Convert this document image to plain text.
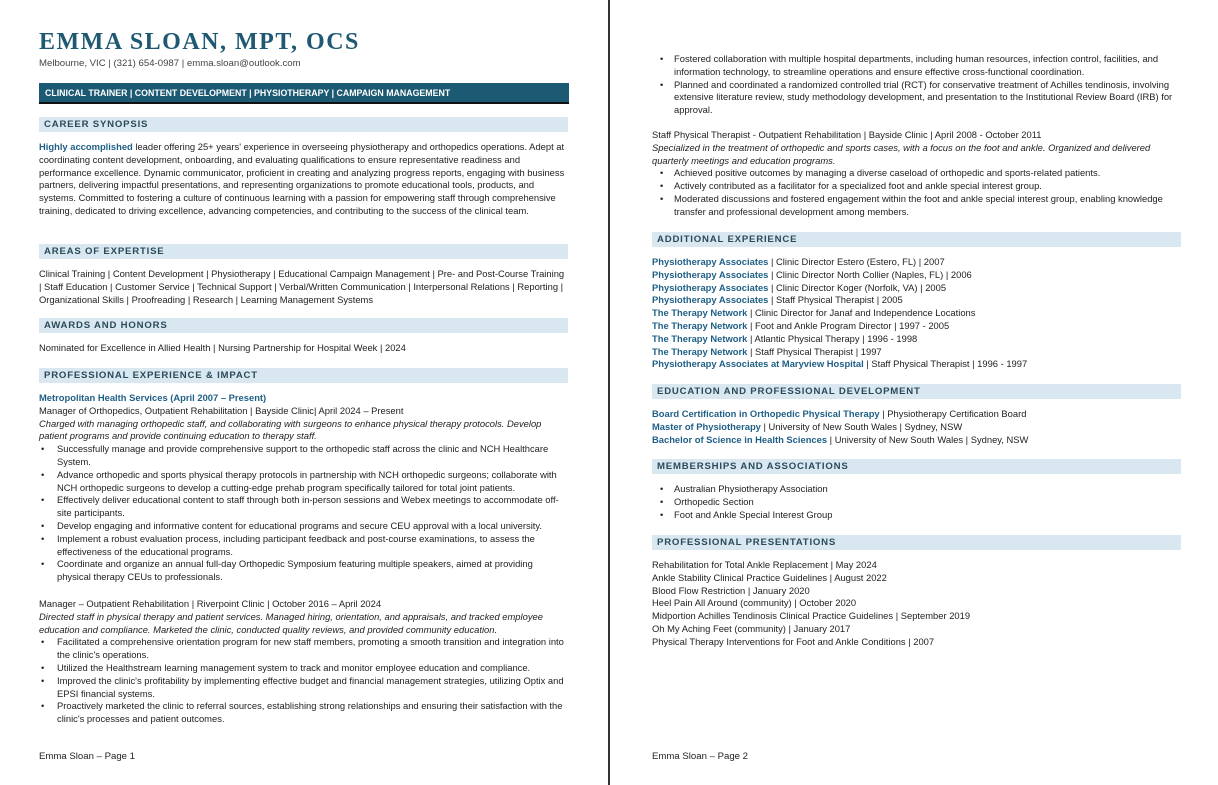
EMMA SLOAN, MPT, OCS
Melbourne, VIC | (321) 654-0987 | emma.sloan@outlook.com
CLINICAL TRAINER | CONTENT DEVELOPMENT | PHYSIOTHERAPY | CAMPAIGN MANAGEMENT
CAREER SYNOPSIS
Highly accomplished leader offering 25+ years' experience in overseeing physiotherapy and orthopedics operations. Adept at coordinating content development, onboarding, and evaluating qualifications to ensure representative readiness and performance excellence. Dynamic communicator, proficient in creating and analyzing progress reports, engaging with business partners, delivering impactful presentations, and representing organizations to promote educational tools, products, and systems. Committed to fostering a culture of continuous learning with a passion for empowering staff through comprehensive training, dedicated to driving excellence, advancing competencies, and contributing to the success of the clinical team.
AREAS OF EXPERTISE
Clinical Training | Content Development | Physiotherapy | Educational Campaign Management | Pre- and Post-Course Training | Staff Education | Customer Service | Technical Support | Verbal/Written Communication | Interpersonal Relations | Reporting | Organizational Skills | Proofreading | Research | Learning Management Systems
AWARDS AND HONORS
Nominated for Excellence in Allied Health | Nursing Partnership for Hospital Week | 2024
PROFESSIONAL EXPERIENCE & IMPACT
Metropolitan Health Services (April 2007 – Present)
Manager of Orthopedics, Outpatient Rehabilitation | Bayside Clinic| April 2024 – Present
Charged with managing orthopedic staff, and collaborating with surgeons to enhance physical therapy protocols. Develop patient programs and provide continuing education to therapy staff.
• Successfully manage and provide comprehensive support to the orthopedic staff across the clinic and NCH Healthcare System.
• Advance orthopedic and sports physical therapy protocols in partnership with NCH orthopedic surgeons; collaborate with NCH orthopedic surgeons to develop a cutting-edge prehab program specifically tailored for total joint patients.
• Effectively deliver educational content to staff through both in-person sessions and Webex meetings to accommodate off-site participants.
• Develop engaging and informative content for educational programs and secure CEU approval with a local university.
• Implement a robust evaluation process, including participant feedback and post-course examinations, to assess the effectiveness of the educational programs.
• Coordinate and organize an annual full-day Orthopedic Symposium featuring multiple speakers, aimed at providing physical therapy CEUs to professionals.
Manager – Outpatient Rehabilitation | Riverpoint Clinic | October 2016 – April 2024
Directed staff in physical therapy and patient services. Managed hiring, orientation, and appraisals, and tracked employee education and compliance. Marketed the clinic, conducted quality reviews, and provided community education.
• Facilitated a comprehensive orientation program for new staff members, promoting a smooth transition and integration into the clinic's operations.
• Utilized the Healthstream learning management system to track and monitor employee education and compliance.
• Improved the clinic's profitability by implementing effective budget and financial management strategies, utilizing Optix and EPSI financial systems.
• Proactively marketed the clinic to referral sources, establishing strong relationships and ensuring their satisfaction with the clinic's processes and patient outcomes.
Emma Sloan – Page 1
• Fostered collaboration with multiple hospital departments, including human resources, infection control, facilities, and information technology, to streamline operations and ensure effective cross-functional coordination.
• Planned and coordinated a randomized controlled trial (RCT) for conservative treatment of Achilles tendinosis, involving extensive literature review, study methodology development, and presentation to the Institutional Review Board (IRB) for approval.
Staff Physical Therapist - Outpatient Rehabilitation | Bayside Clinic | April 2008 - October 2011
Specialized in the treatment of orthopedic and sports cases, with a focus on the foot and ankle. Organized and delivered quarterly meetings and education programs.
• Achieved positive outcomes by managing a diverse caseload of orthopedic and sports-related patients.
• Actively contributed as a facilitator for a specialized foot and ankle special interest group.
• Moderated discussions and fostered engagement within the foot and ankle special interest group, enabling knowledge transfer and professional development among members.
ADDITIONAL EXPERIENCE
Physiotherapy Associates | Clinic Director Estero (Estero, FL) | 2007
Physiotherapy Associates | Clinic Director North Collier (Naples, FL) | 2006
Physiotherapy Associates | Clinic Director Koger (Norfolk, VA) | 2005
Physiotherapy Associates | Staff Physical Therapist | 2005
The Therapy Network | Clinic Director for Janaf and Independence Locations
The Therapy Network | Foot and Ankle Program Director | 1997 - 2005
The Therapy Network | Atlantic Physical Therapy | 1996 - 1998
The Therapy Network | Staff Physical Therapist | 1997
Physiotherapy Associates at Maryview Hospital | Staff Physical Therapist | 1996 - 1997
EDUCATION AND PROFESSIONAL DEVELOPMENT
Board Certification in Orthopedic Physical Therapy | Physiotherapy Certification Board
Master of Physiotherapy | University of New South Wales | Sydney, NSW
Bachelor of Science in Health Sciences | University of New South Wales | Sydney, NSW
MEMBERSHIPS AND ASSOCIATIONS
• Australian Physiotherapy Association
• Orthopedic Section
• Foot and Ankle Special Interest Group
PROFESSIONAL PRESENTATIONS
Rehabilitation for Total Ankle Replacement | May 2024
Ankle Stability Clinical Practice Guidelines | August 2022
Blood Flow Restriction | January 2020
Heel Pain All Around (community) | October 2020
Midportion Achilles Tendinosis Clinical Practice Guidelines | September 2019
Oh My Aching Feet (community) | January 2017
Physical Therapy Interventions for Foot and Ankle Conditions | 2007
Emma Sloan – Page 2
